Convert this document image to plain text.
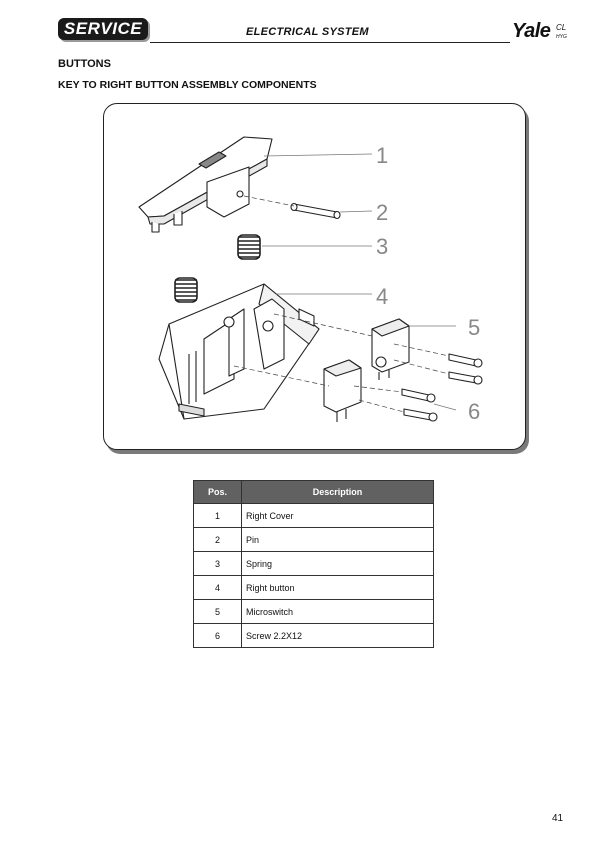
SERVICE	ELECTRICAL SYSTEM	Yale CL
HYG
BUTTONS
KEY TO RIGHT BUTTON ASSEMBLY COMPONENTS
1
2
3
4
5
6
Pos.	Description
1	Right Cover
2	Pin
3	Spring
4	Right button
5	Microswitch
6	Screw 2.2X12
41
